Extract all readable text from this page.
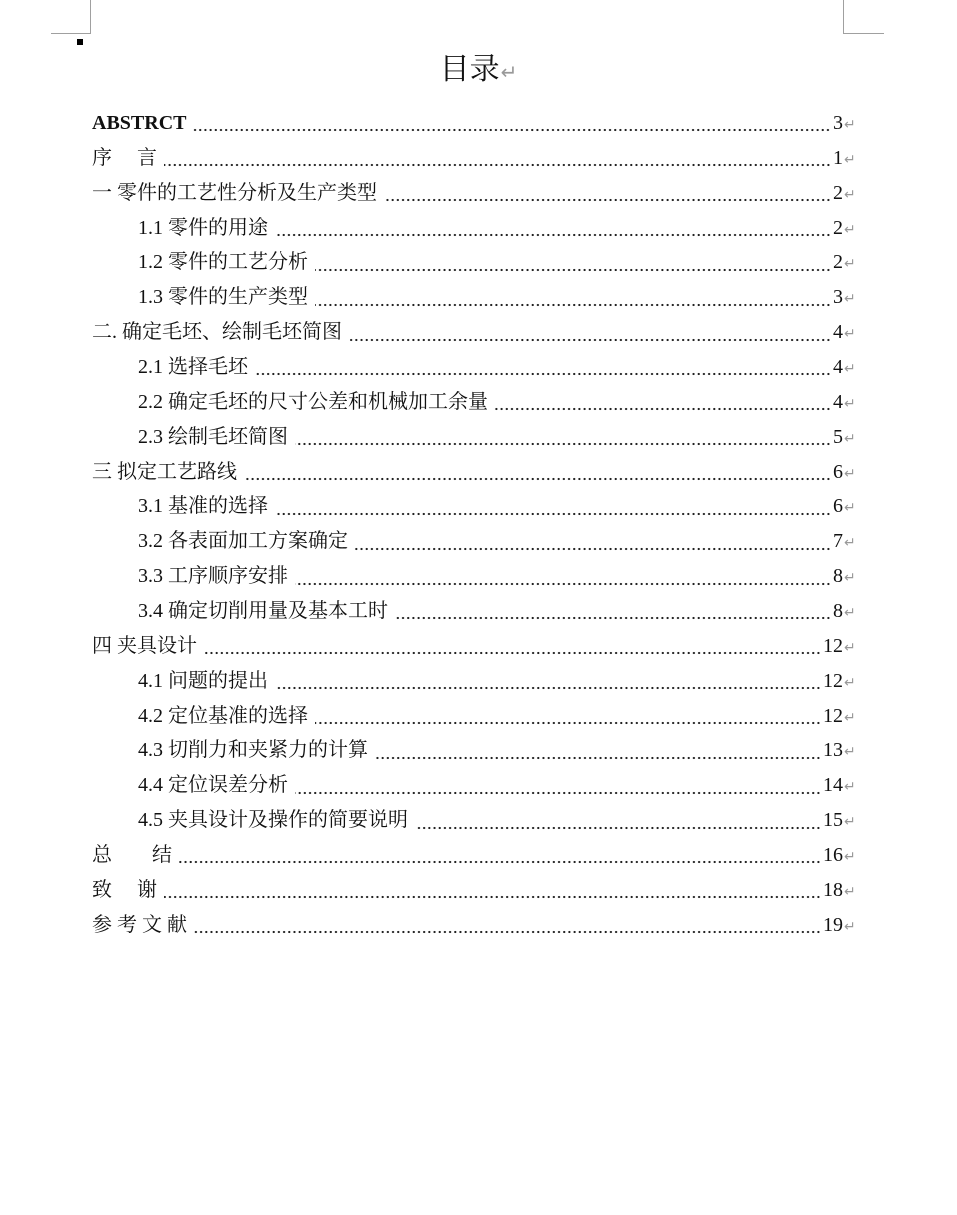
目录↵
ABSTRCT	3 ↵
序　 言	1 ↵
一 零件的工艺性分析及生产类型	2 ↵
1.1 零件的用途	2 ↵
1.2 零件的工艺分析	2 ↵
1.3 零件的生产类型	3 ↵
二. 确定毛坯、绘制毛坯简图	4 ↵
2.1 选择毛坯	4 ↵
2.2 确定毛坯的尺寸公差和机械加工余量	4 ↵
2.3 绘制毛坯简图	5 ↵
三 拟定工艺路线	6 ↵
3.1 基准的选择	6 ↵
3.2 各表面加工方案确定	7 ↵
3.3 工序顺序安排	8 ↵
3.4 确定切削用量及基本工时	8 ↵
四 夹具设计	12 ↵
4.1 问题的提出	12 ↵
4.2 定位基准的选择	12 ↵
4.3 切削力和夹紧力的计算	13 ↵
4.4 定位误差分析	14 ↵
4.5 夹具设计及操作的简要说明	15 ↵
总　　结	16 ↵
致　 谢	18 ↵
参 考 文 献	19 ↵
